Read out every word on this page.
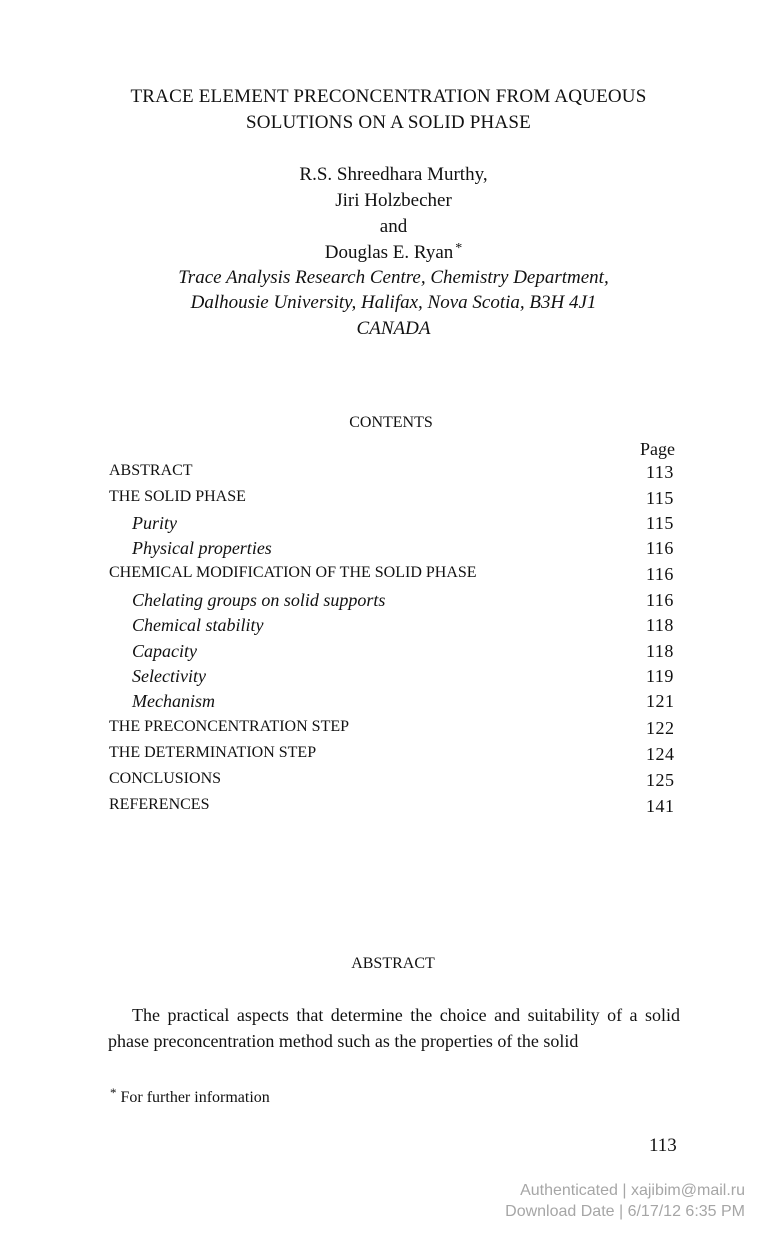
TRACE ELEMENT PRECONCENTRATION FROM AQUEOUS
SOLUTIONS ON A SOLID PHASE
R.S. Shreedhara Murthy,
Jiri Holzbecher
and
Douglas E. Ryan *
Trace Analysis Research Centre, Chemistry Department,
Dalhousie University, Halifax, Nova Scotia, B3H 4J1
CANADA
CONTENTS
Page
ABSTRACT	113
THE SOLID PHASE	115
Purity	115
Physical properties	116
CHEMICAL MODIFICATION OF THE SOLID PHASE	116
Chelating groups on solid supports	116
Chemical stability	118
Capacity	118
Selectivity	119
Mechanism	121
THE PRECONCENTRATION STEP	122
THE DETERMINATION STEP	124
CONCLUSIONS	125
REFERENCES	141
ABSTRACT
The practical aspects that determine the choice and suitability of a solid phase preconcentration method such as the properties of the solid
* For further information
113
Authenticated | xajibim@mail.ru
Download Date | 6/17/12 6:35 PM
